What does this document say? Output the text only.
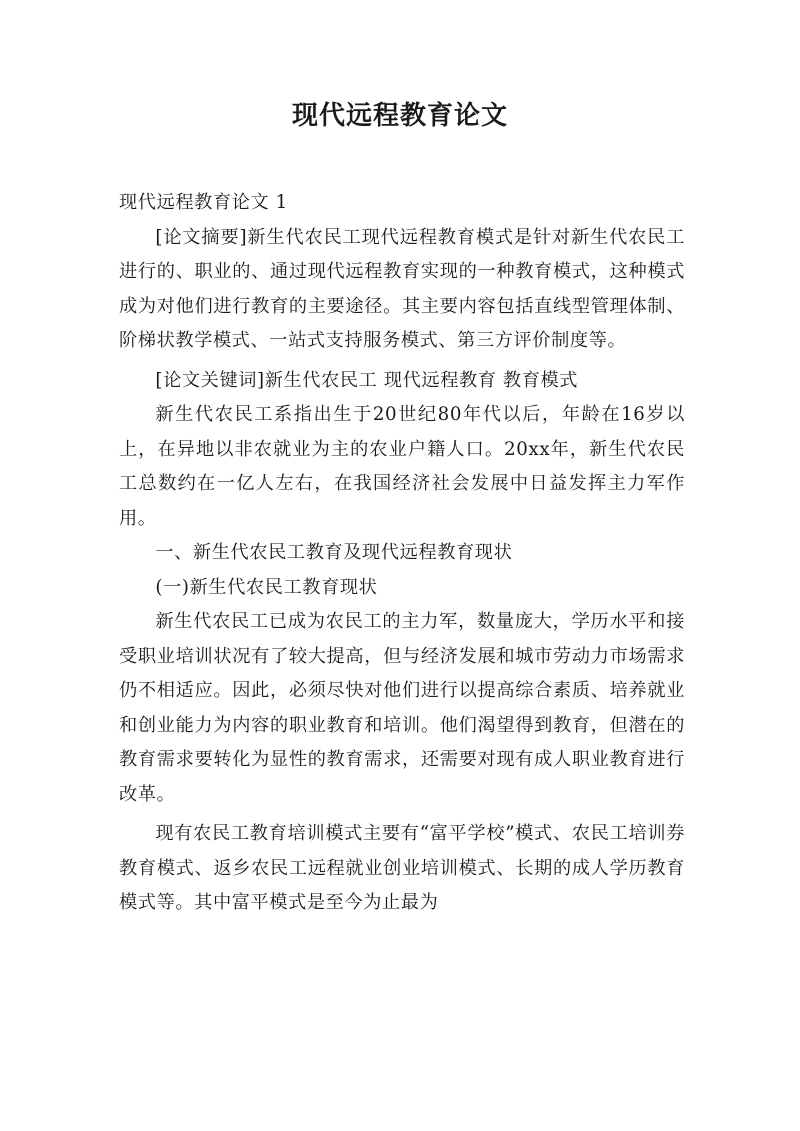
现代远程教育论文

现代远程教育论文 1

[论文摘要]新生代农民工现代远程教育模式是针对新生代农民工进行的、职业的、通过现代远程教育实现的一种教育模式，这种模式成为对他们进行教育的主要途径。其主要内容包括直线型管理体制、阶梯状教学模式、一站式支持服务模式、第三方评价制度等。

[论文关键词]新生代农民工 现代远程教育 教育模式

新生代农民工系指出生于20世纪80年代以后，年龄在16岁以上，在异地以非农就业为主的农业户籍人口。20xx年，新生代农民工总数约在一亿人左右，在我国经济社会发展中日益发挥主力军作用。

一、新生代农民工教育及现代远程教育现状

(一)新生代农民工教育现状

新生代农民工已成为农民工的主力军，数量庞大，学历水平和接受职业培训状况有了较大提高，但与经济发展和城市劳动力市场需求仍不相适应。因此，必须尽快对他们进行以提高综合素质、培养就业和创业能力为内容的职业教育和培训。他们渴望得到教育，但潜在的教育需求要转化为显性的教育需求，还需要对现有成人职业教育进行改革。

现有农民工教育培训模式主要有“富平学校”模式、农民工培训券教育模式、返乡农民工远程就业创业培训模式、长期的成人学历教育模式等。其中富平模式是至今为止最为
